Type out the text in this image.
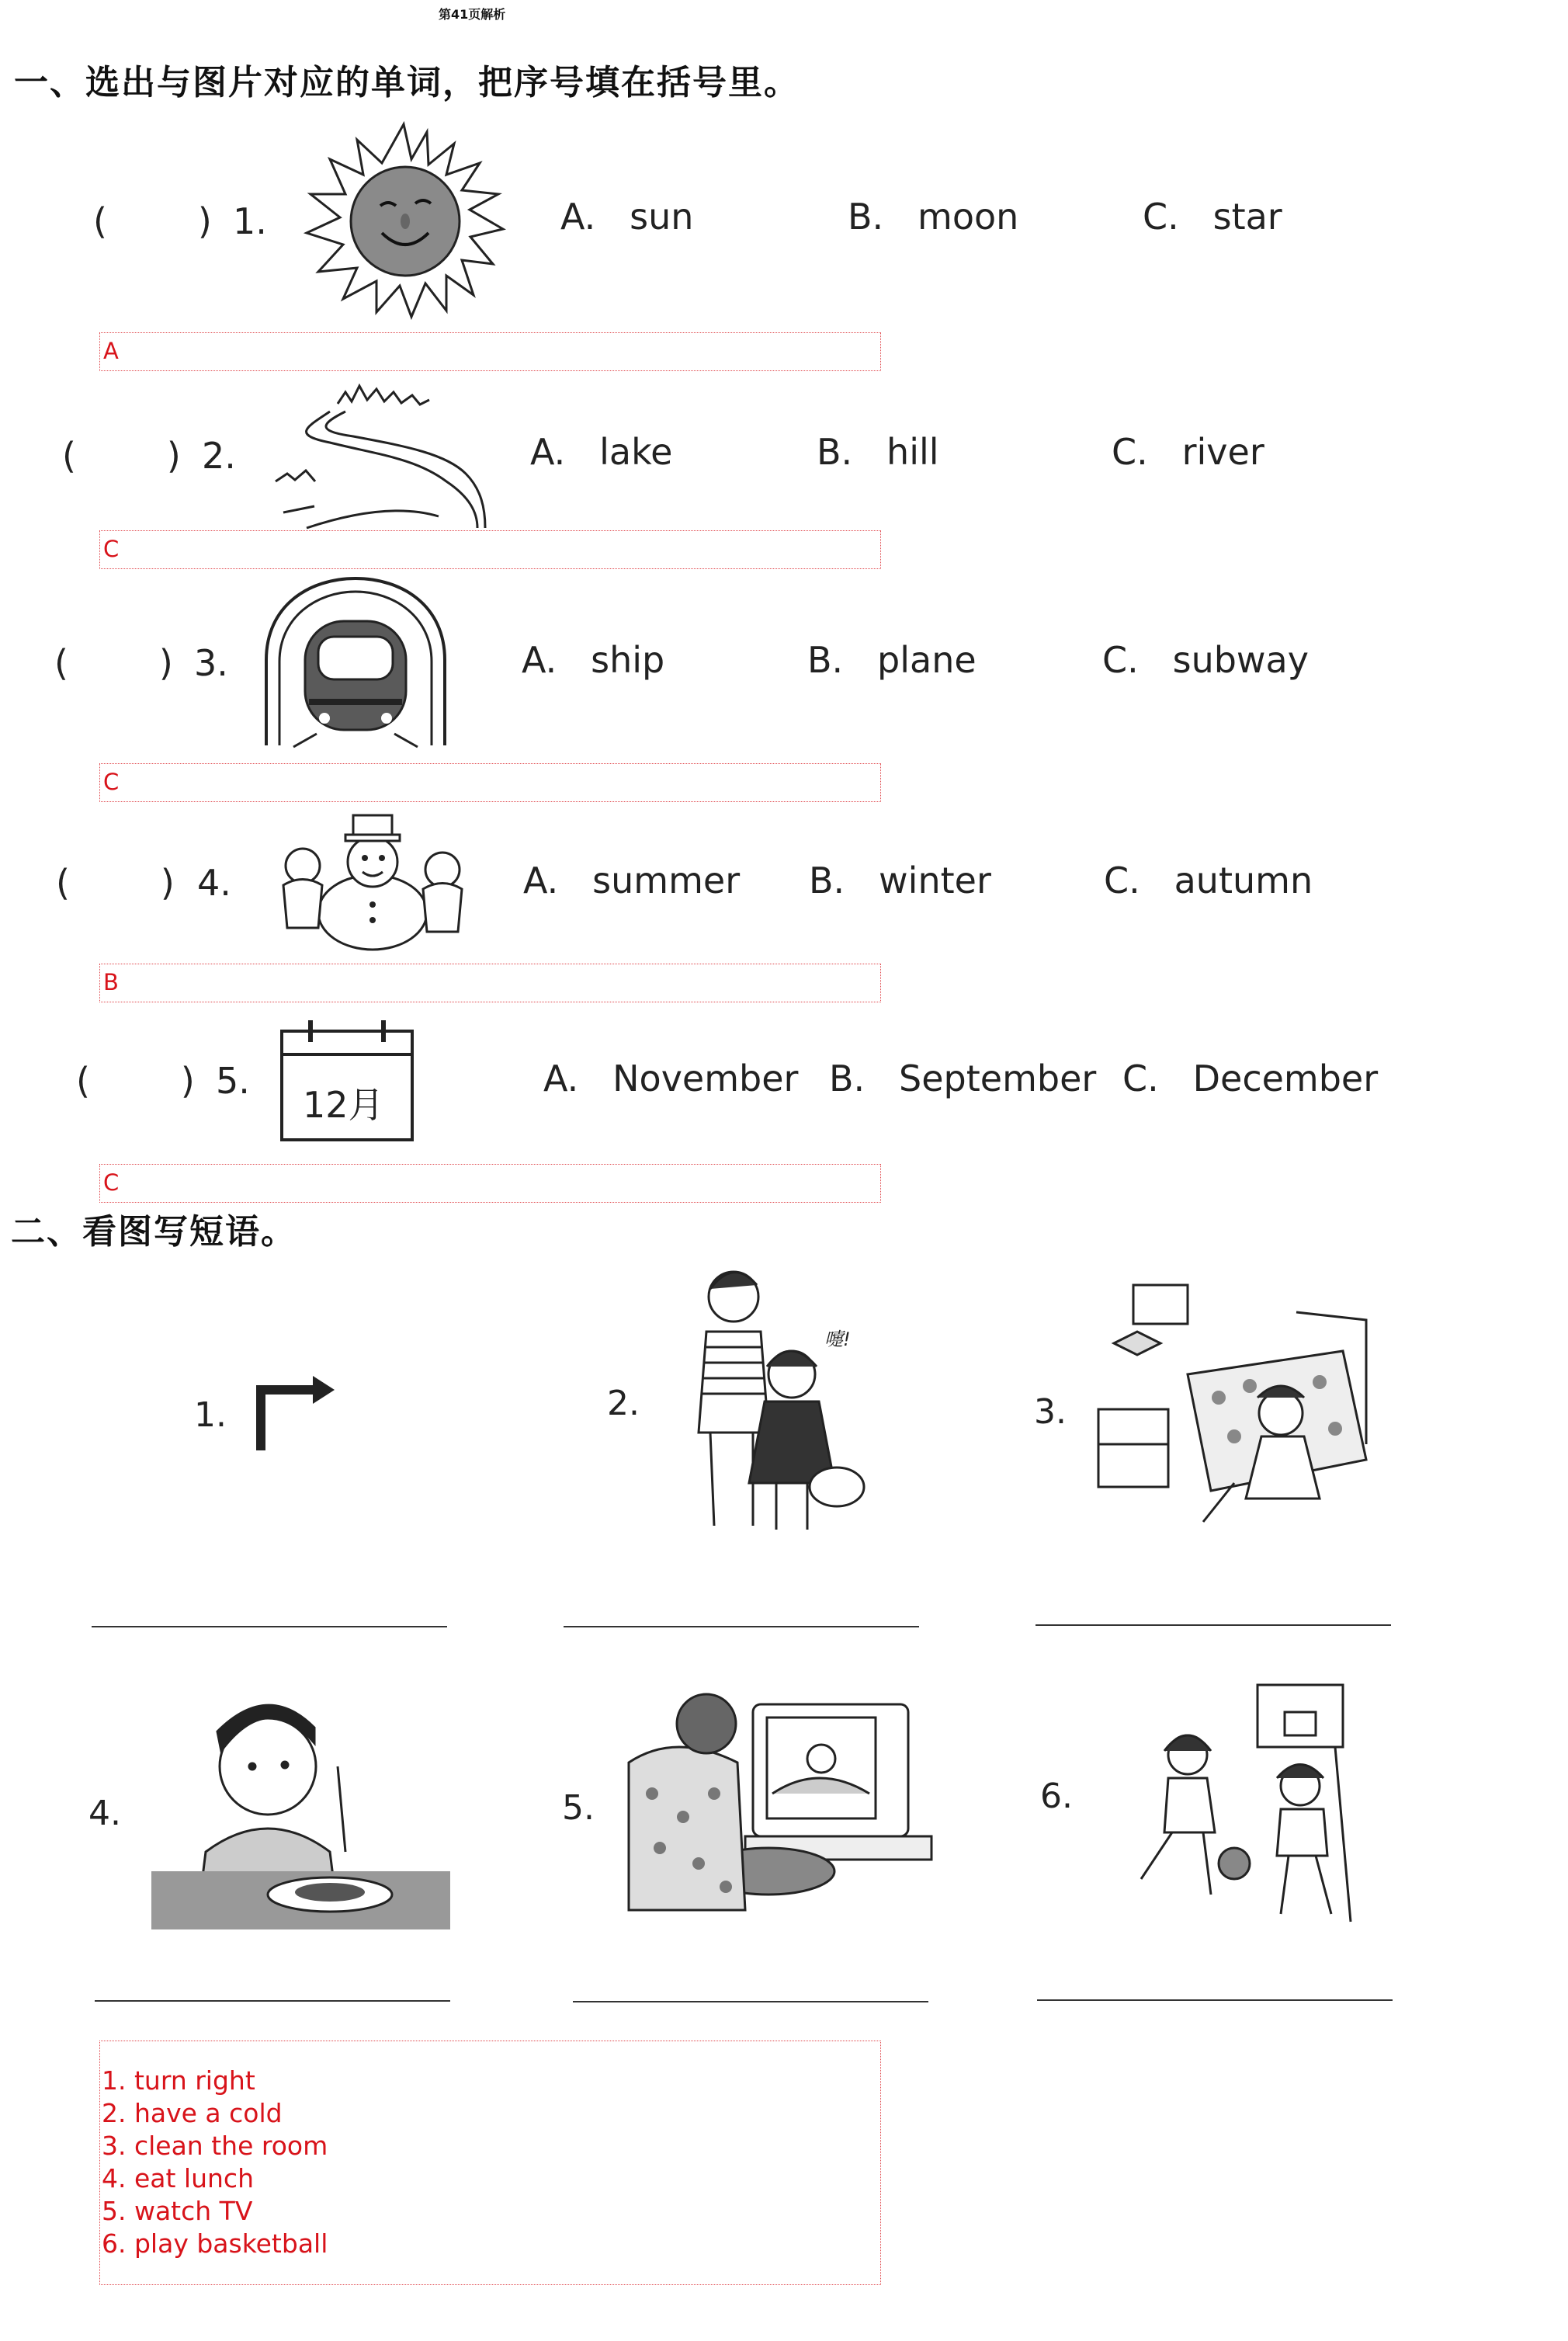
第41页解析
一、选出与图片对应的单词，把序号填在括号里。
(        ) 1.	A.   sun	B.   moon	C.   star
A
(        ) 2.	A.   lake	B.   hill	C.   river
C
(        ) 3.	A.   ship	B.   plane	C.   subway
C
(        ) 4.	A.   summer B.   winter	C.   autumn
B
(        ) 5.
12月
A.   November B.   September C.   December
C
二、看图写短语。
1.	2.
嚏!
3.
4.	5.	6.
1. turn right
2. have a cold
3. clean the room
4. eat lunch
5. watch TV
6. play basketball
